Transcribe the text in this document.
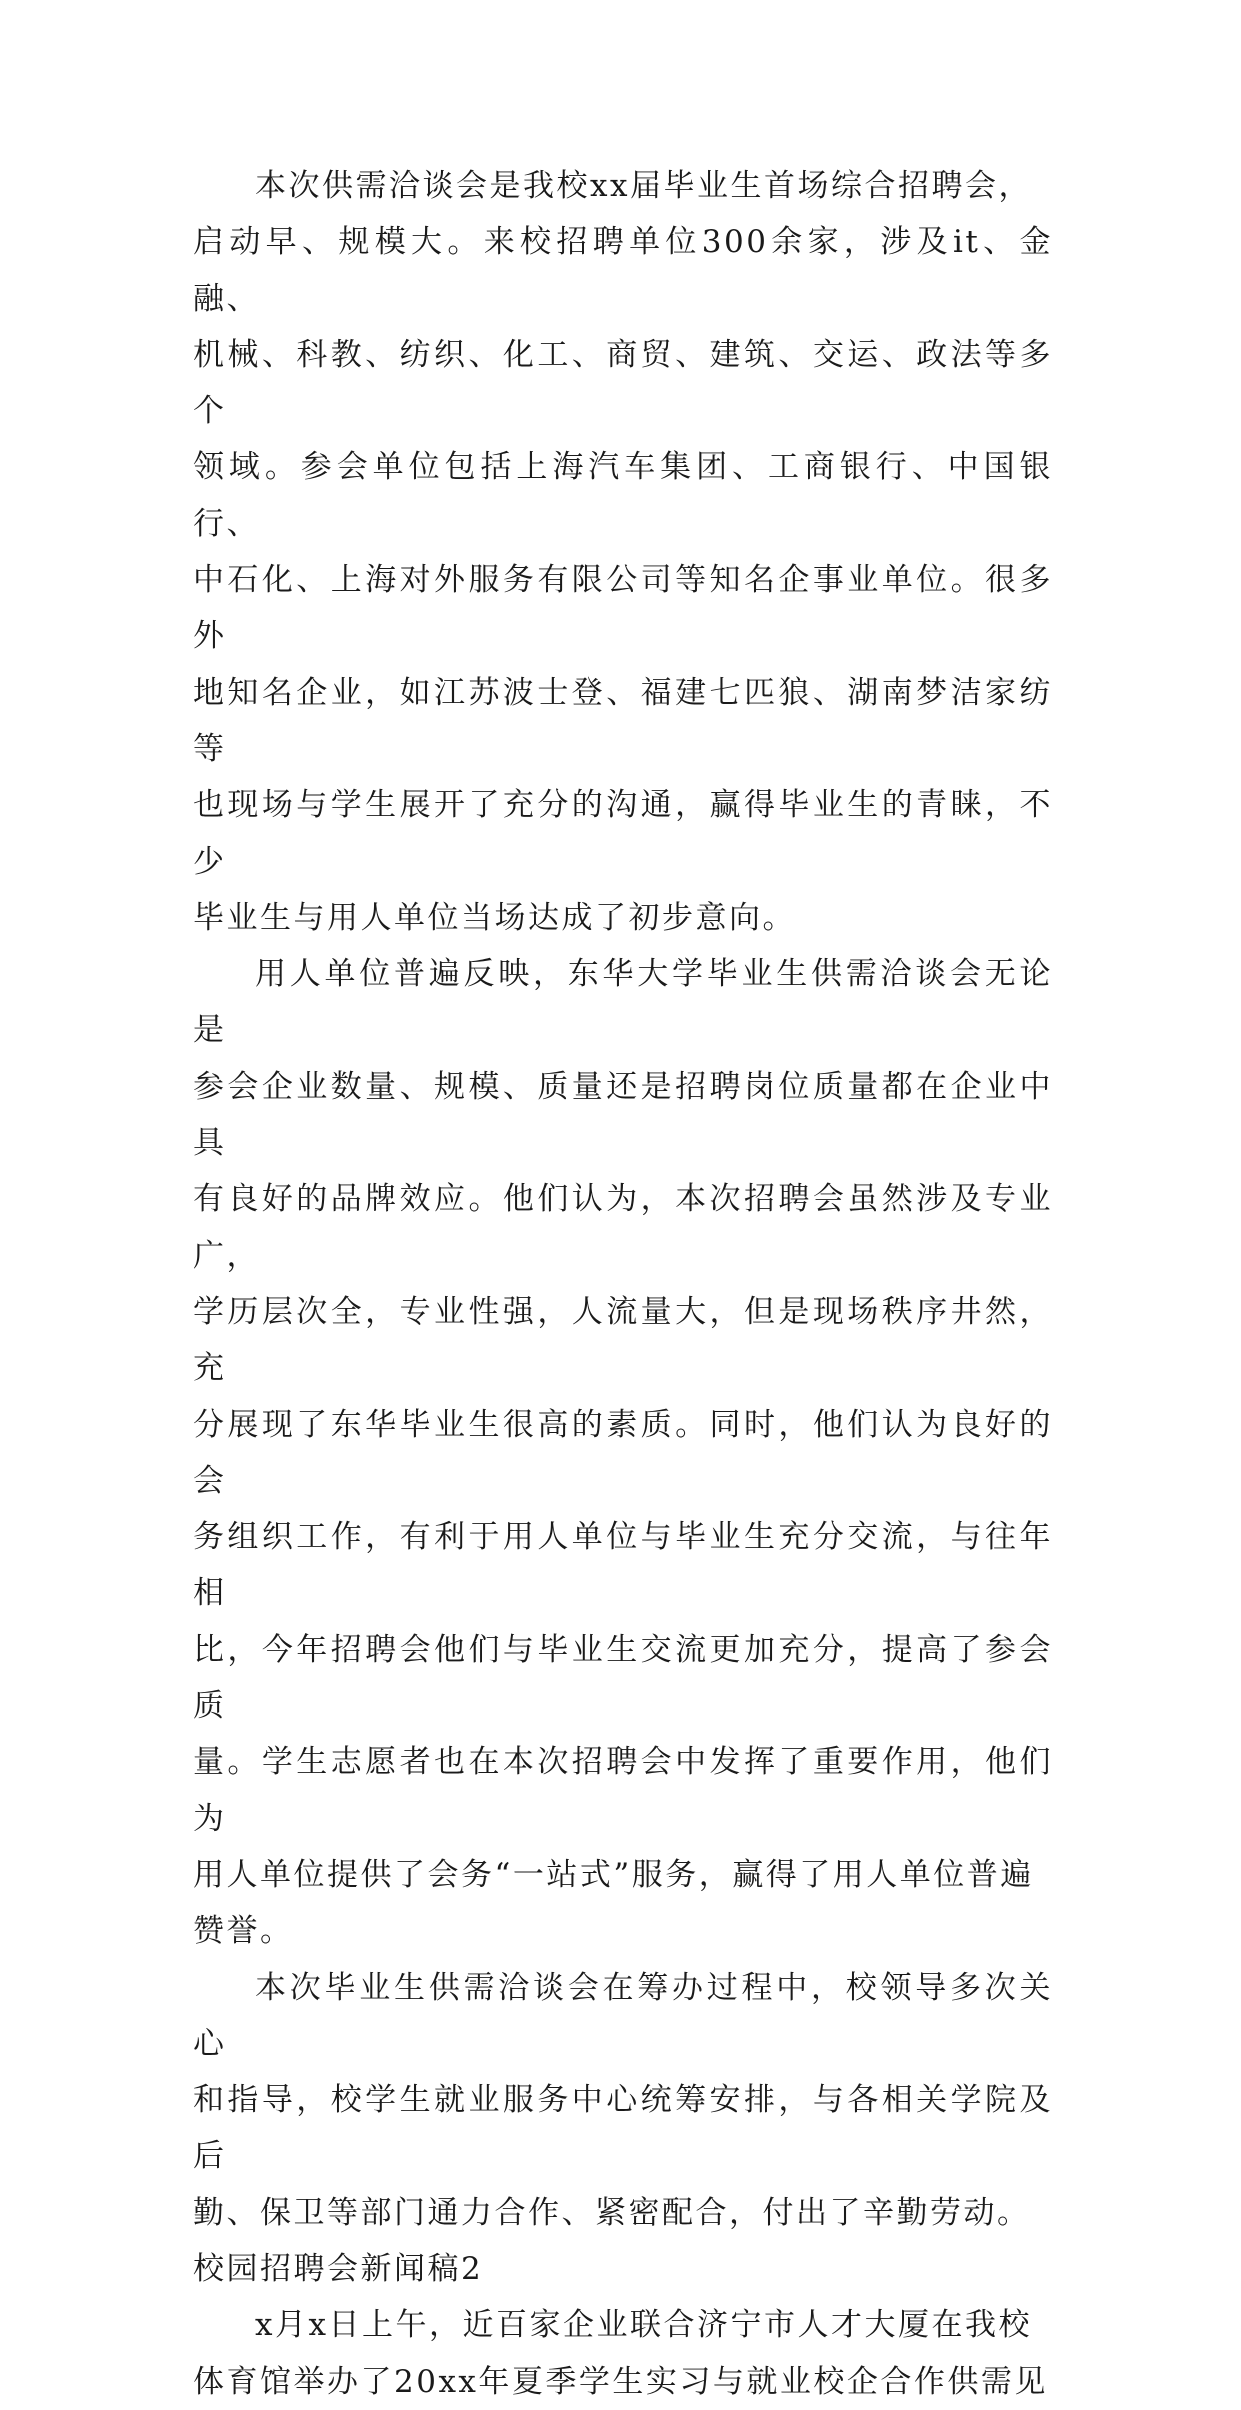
本次供需洽谈会是我校xx届毕业生首场综合招聘会，
启动早、规模大。来校招聘单位300余家，涉及it、金融、
机械、科教、纺织、化工、商贸、建筑、交运、政法等多个
领域。参会单位包括上海汽车集团、工商银行、中国银行、
中石化、上海对外服务有限公司等知名企事业单位。很多外
地知名企业，如江苏波士登、福建七匹狼、湖南梦洁家纺等
也现场与学生展开了充分的沟通，赢得毕业生的青睐，不少
毕业生与用人单位当场达成了初步意向。

用人单位普遍反映，东华大学毕业生供需洽谈会无论是
参会企业数量、规模、质量还是招聘岗位质量都在企业中具
有良好的品牌效应。他们认为，本次招聘会虽然涉及专业广，
学历层次全，专业性强，人流量大，但是现场秩序井然，充
分展现了东华毕业生很高的素质。同时，他们认为良好的会
务组织工作，有利于用人单位与毕业生充分交流，与往年相
比，今年招聘会他们与毕业生交流更加充分，提高了参会质
量。学生志愿者也在本次招聘会中发挥了重要作用，他们为
用人单位提供了会务“一站式”服务，赢得了用人单位普遍
赞誉。

本次毕业生供需洽谈会在筹办过程中，校领导多次关心
和指导，校学生就业服务中心统筹安排，与各相关学院及后
勤、保卫等部门通力合作、紧密配合，付出了辛勤劳动。

校园招聘会新闻稿2

x月x日上午，近百家企业联合济宁市人才大厦在我校
体育馆举办了20xx年夏季学生实习与就业校企合作供需见
